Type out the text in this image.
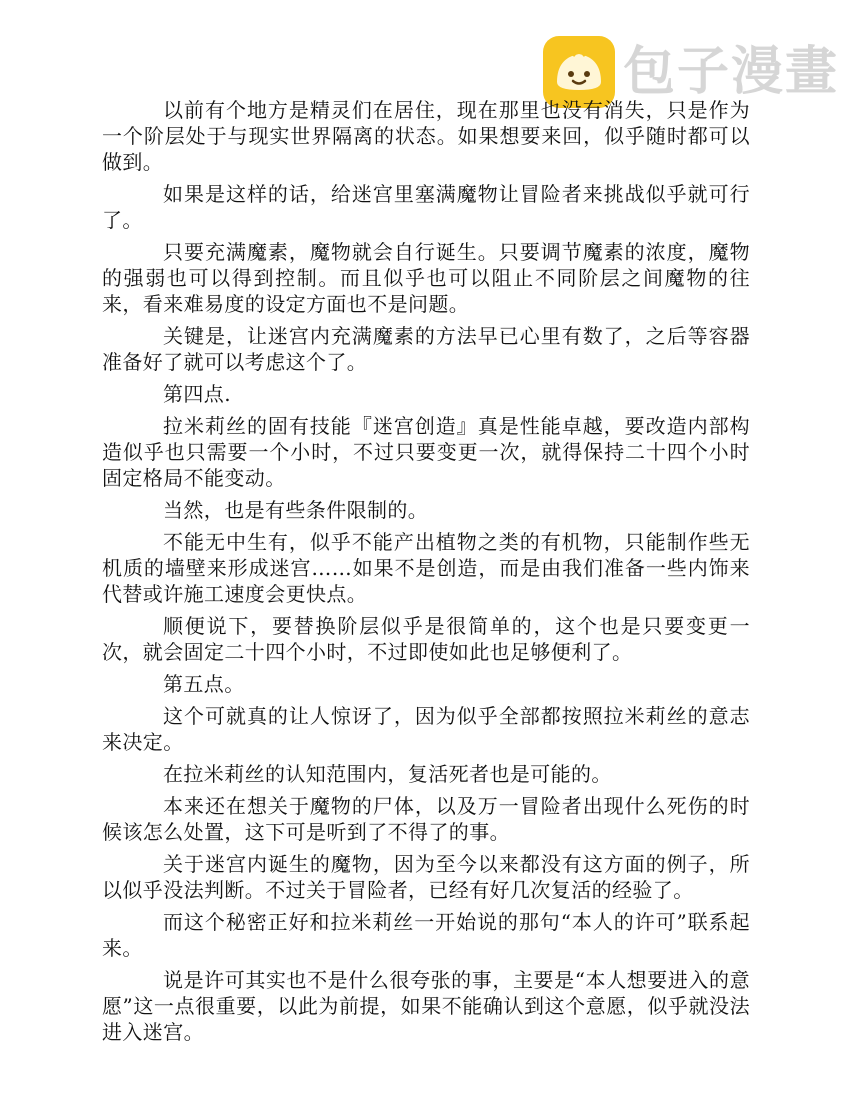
包子漫畫

以前有个地方是精灵们在居住，现在那里也没有消失，只是作为一个阶层处于与现实世界隔离的状态。如果想要来回，似乎随时都可以做到。

如果是这样的话，给迷宫里塞满魔物让冒险者来挑战似乎就可行了。

只要充满魔素，魔物就会自行诞生。只要调节魔素的浓度，魔物的强弱也可以得到控制。而且似乎也可以阻止不同阶层之间魔物的往来，看来难易度的设定方面也不是问题。

关键是，让迷宫内充满魔素的方法早已心里有数了，之后等容器准备好了就可以考虑这个了。

第四点.

拉米莉丝的固有技能『迷宫创造』真是性能卓越，要改造内部构造似乎也只需要一个小时，不过只要变更一次，就得保持二十四个小时固定格局不能变动。

当然，也是有些条件限制的。

不能无中生有，似乎不能产出植物之类的有机物，只能制作些无机质的墙壁来形成迷宫……如果不是创造，而是由我们准备一些内饰来代替或许施工速度会更快点。

顺便说下，要替换阶层似乎是很简单的，这个也是只要变更一次，就会固定二十四个小时，不过即使如此也足够便利了。

第五点。

这个可就真的让人惊讶了，因为似乎全部都按照拉米莉丝的意志来决定。

在拉米莉丝的认知范围内，复活死者也是可能的。

本来还在想关于魔物的尸体，以及万一冒险者出现什么死伤的时候该怎么处置，这下可是听到了不得了的事。

关于迷宫内诞生的魔物，因为至今以来都没有这方面的例子，所以似乎没法判断。不过关于冒险者，已经有好几次复活的经验了。

而这个秘密正好和拉米莉丝一开始说的那句“本人的许可”联系起来。

说是许可其实也不是什么很夸张的事，主要是“本人想要进入的意愿”这一点很重要，以此为前提，如果不能确认到这个意愿，似乎就没法进入迷宫。
